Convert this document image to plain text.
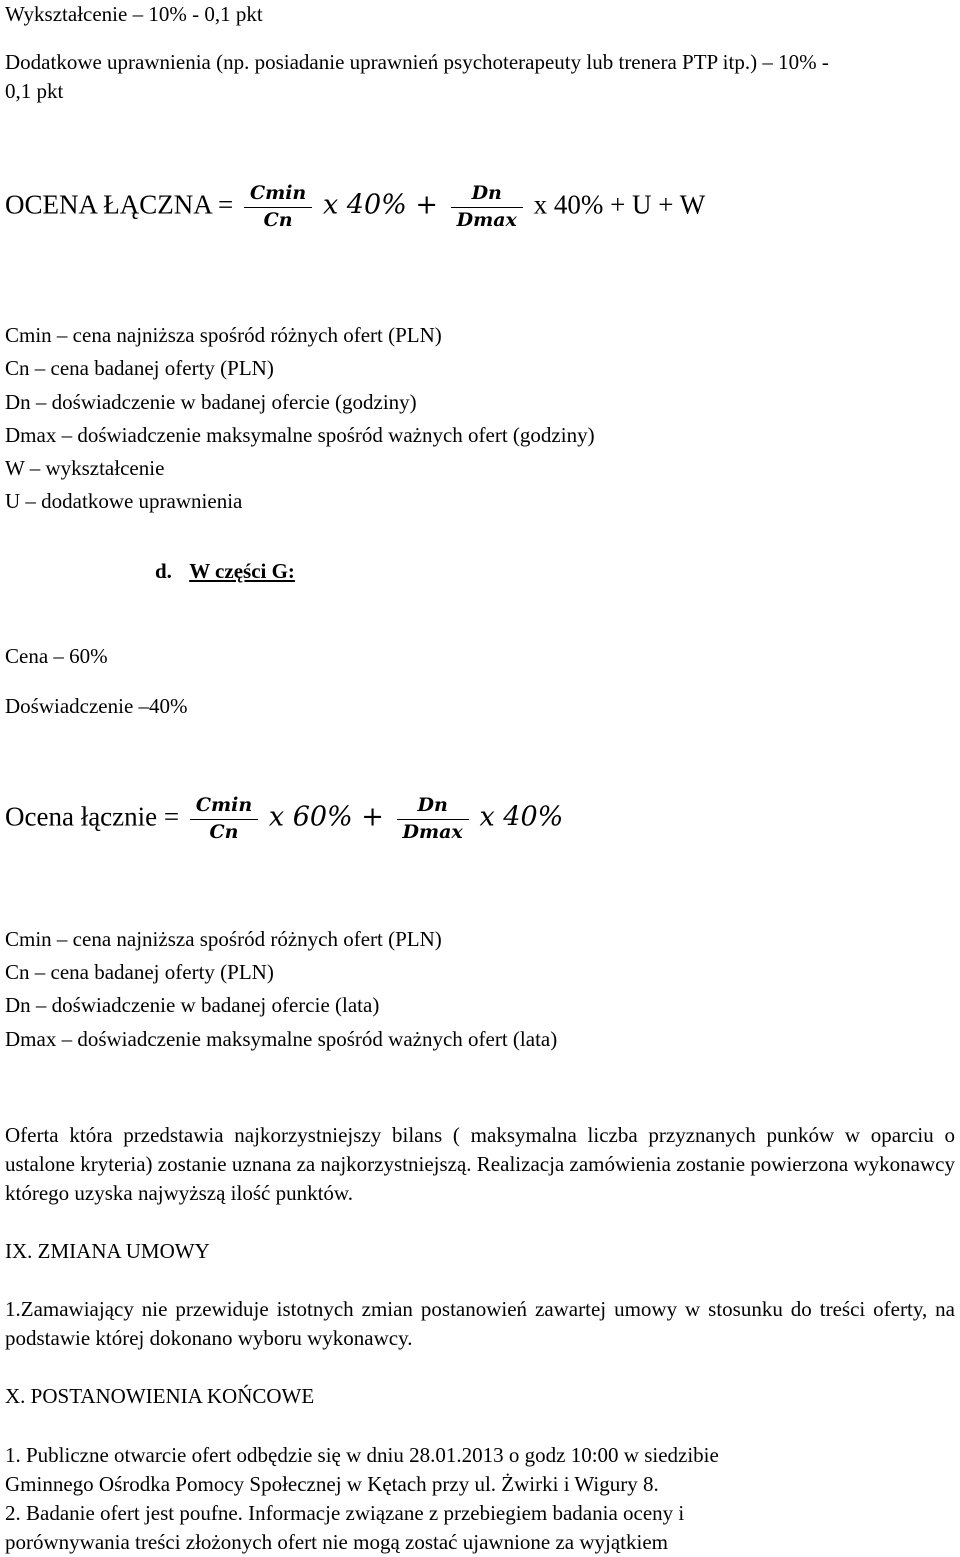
Wykształcenie – 10% - 0,1 pkt
Dodatkowe uprawnienia (np. posiadanie uprawnień psychoterapeuty lub trenera PTP itp.) – 10% -
0,1 pkt
OCENA ŁĄCZNA = $\frac{Cmin}{Cn}$ x $40\% + \frac{Dn}{Dmax}$ x 40% + U + W
Cmin – cena najniższa spośród różnych ofert (PLN)
Cn – cena badanej oferty (PLN)
Dn – doświadczenie w badanej ofercie (godziny)
Dmax – doświadczenie maksymalne spośród ważnych ofert (godziny)
W – wykształcenie
U – dodatkowe uprawnienia
d. W części G:
Cena – 60%
Doświadczenie –40%
Ocena łącznie = $\frac{Cmin}{Cn}$ x $60\% + \frac{Dn}{Dmax}$ x 40%
Cmin – cena najniższa spośród różnych ofert (PLN)
Cn – cena badanej oferty (PLN)
Dn – doświadczenie w badanej ofercie (lata)
Dmax – doświadczenie maksymalne spośród ważnych ofert (lata)
Oferta która przedstawia najkorzystniejszy bilans ( maksymalna liczba przyznanych punków w oparciu o ustalone kryteria) zostanie uznana za najkorzystniejszą. Realizacja zamówienia zostanie powierzona wykonawcy którego uzyska najwyższą ilość punktów.
IX. ZMIANA UMOWY
1.Zamawiający nie przewiduje istotnych zmian postanowień zawartej umowy w stosunku do treści oferty, na podstawie której dokonano wyboru wykonawcy.
X. POSTANOWIENIA KOŃCOWE
1. Publiczne otwarcie ofert odbędzie się w dniu 28.01.2013 o godz 10:00 w siedzibie
Gminnego Ośrodka Pomocy Społecznej w Kętach przy ul. Żwirki i Wigury 8.
2. Badanie ofert jest poufne. Informacje związane z przebiegiem badania oceny i
porównywania treści złożonych ofert nie mogą zostać ujawnione za wyjątkiem
